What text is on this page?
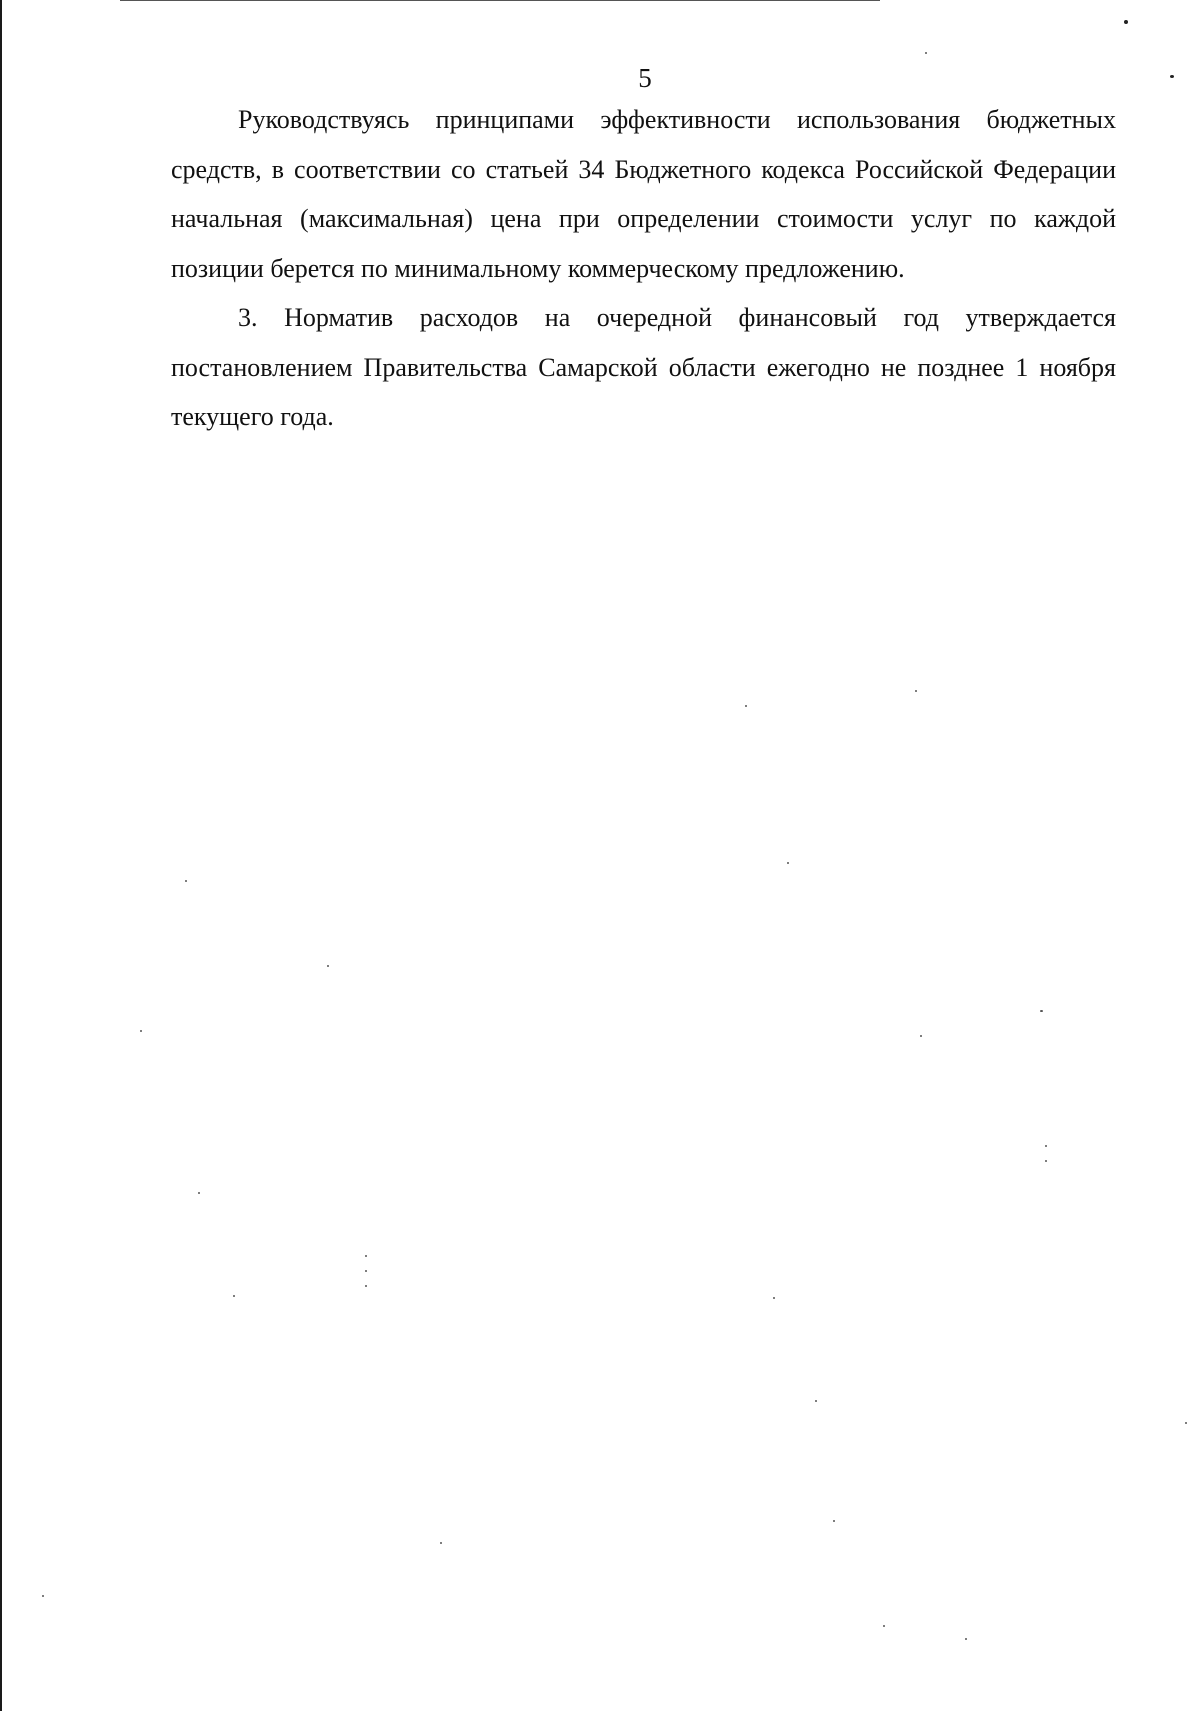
5

Руководствуясь принципами эффективности использования бюджетных средств, в соответствии со статьей 34 Бюджетного кодекса Российской Федерации начальная (максимальная) цена при определении стоимости услуг по каждой позиции берется по минимальному коммерческому предложению.

3. Норматив расходов на очередной финансовый год утверждается постановлением Правительства Самарской области ежегодно не позднее 1 ноября текущего года.
